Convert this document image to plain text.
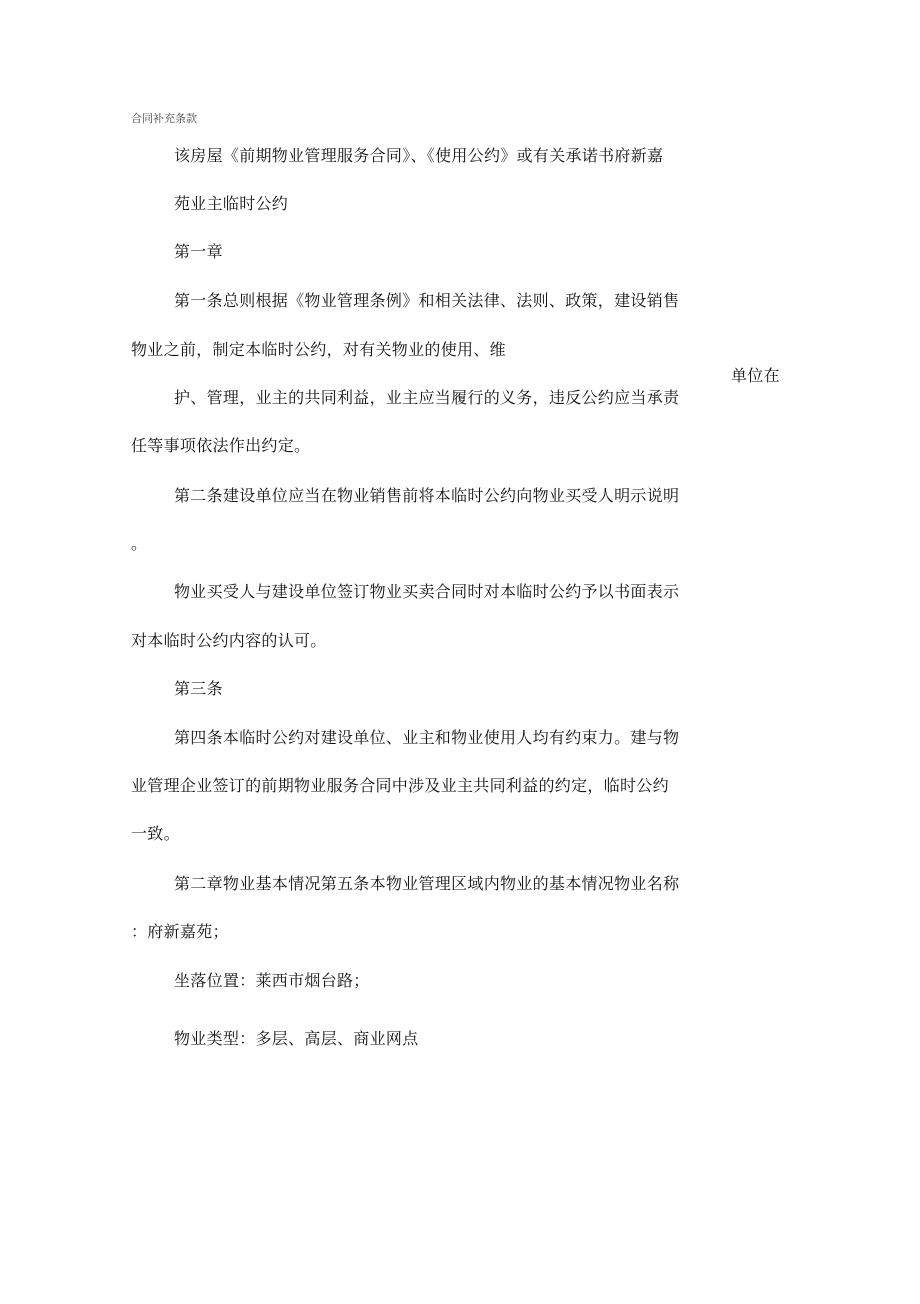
合同补充条款
该房屋《前期物业管理服务合同》、《使用公约》或有关承诺书府新嘉
苑业主临时公约
第一章
第一条总则根据《物业管理条例》和相关法律、法则、政策，建设销售
物业之前，制定本临时公约，对有关物业的使用、维
单位在
护、管理，业主的共同利益，业主应当履行的义务，违反公约应当承责
任等事项依法作出约定。
第二条建设单位应当在物业销售前将本临时公约向物业买受人明示说明
。
物业买受人与建设单位签订物业买卖合同时对本临时公约予以书面表示
对本临时公约内容的认可。
第三条
第四条本临时公约对建设单位、业主和物业使用人均有约束力。建与物
业管理企业签订的前期物业服务合同中涉及业主共同利益的约定，临时公约
一致。
第二章物业基本情况第五条本物业管理区域内物业的基本情况物业名称
：府新嘉苑；
坐落位置：莱西市烟台路；
物业类型：多层、高层、商业网点
